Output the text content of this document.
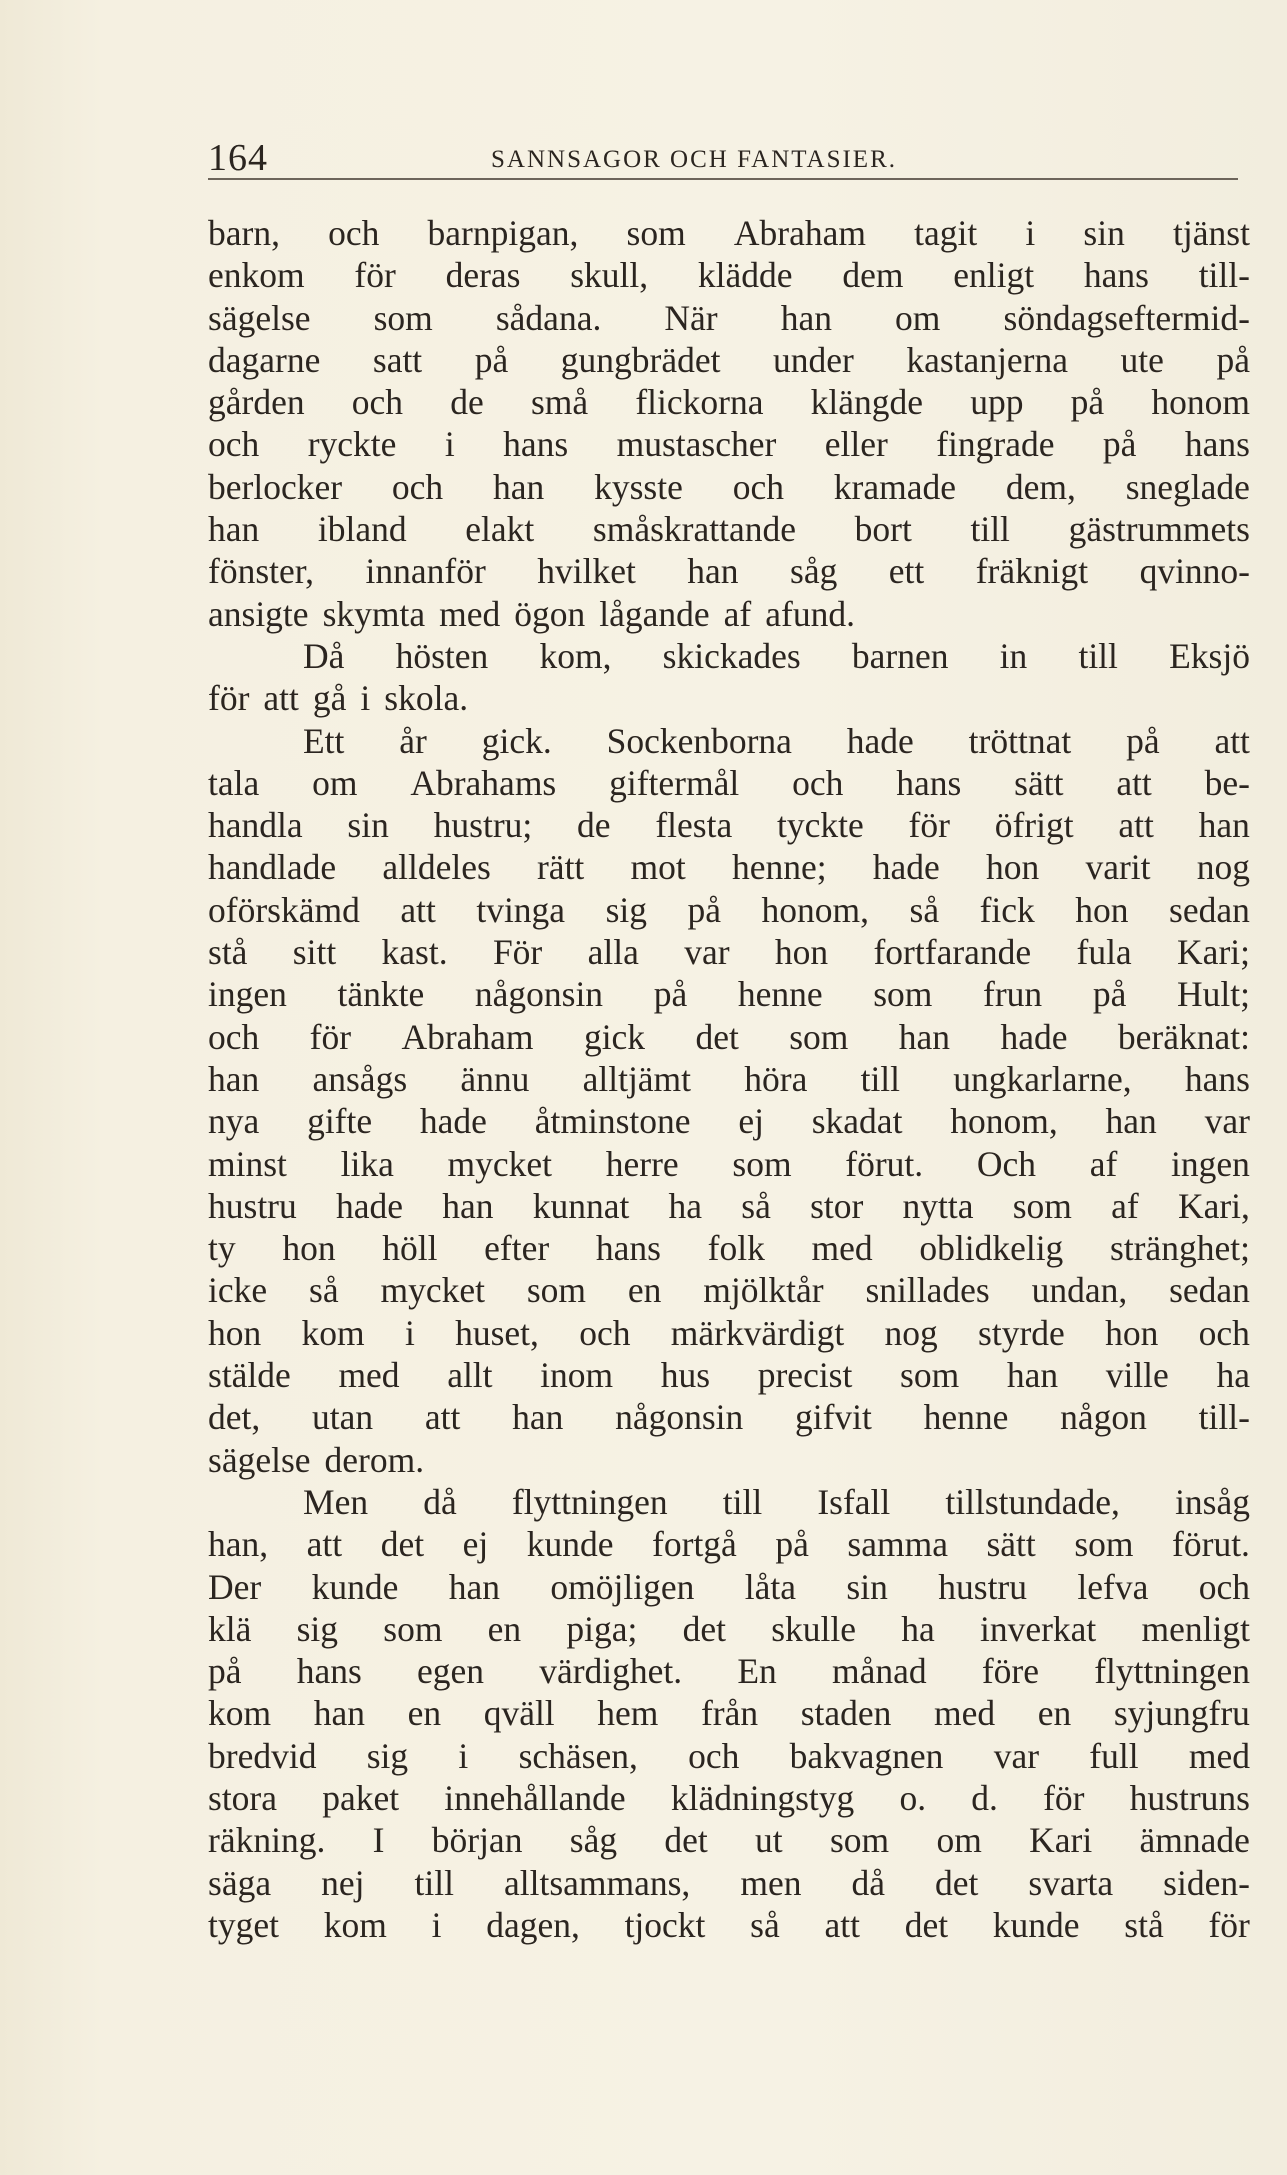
164	SANNSAGOR OCH FANTASIER.
barn, och barnpigan, som Abraham tagit i sin tjänst
enkom för deras skull, klädde dem enligt hans till-
sägelse som sådana. När han om söndagseftermid-
dagarne satt på gungbrädet under kastanjerna ute på
gården och de små flickorna klängde upp på honom
och ryckte i hans mustascher eller fingrade på hans
berlocker och han kysste och kramade dem, sneglade
han ibland elakt småskrattande bort till gästrummets
fönster, innanför hvilket han såg ett fräknigt qvinno-
ansigte skymta med ögon lågande af afund.
Då hösten kom, skickades barnen in till Eksjö
för att gå i skola.
Ett år gick. Sockenborna hade tröttnat på att
tala om Abrahams giftermål och hans sätt att be-
handla sin hustru; de flesta tyckte för öfrigt att han
handlade alldeles rätt mot henne; hade hon varit nog
oförskämd att tvinga sig på honom, så fick hon sedan
stå sitt kast. För alla var hon fortfarande fula Kari;
ingen tänkte någonsin på henne som frun på Hult;
och för Abraham gick det som han hade beräknat:
han ansågs ännu alltjämt höra till ungkarlarne, hans
nya gifte hade åtminstone ej skadat honom, han var
minst lika mycket herre som förut. Och af ingen
hustru hade han kunnat ha så stor nytta som af Kari,
ty hon höll efter hans folk med oblidkelig stränghet;
icke så mycket som en mjölktår snillades undan, sedan
hon kom i huset, och märkvärdigt nog styrde hon och
stälde med allt inom hus precist som han ville ha
det, utan att han någonsin gifvit henne någon till-
sägelse derom.
Men då flyttningen till Isfall tillstundade, insåg
han, att det ej kunde fortgå på samma sätt som förut.
Der kunde han omöjligen låta sin hustru lefva och
klä sig som en piga; det skulle ha inverkat menligt
på hans egen värdighet. En månad före flyttningen
kom han en qväll hem från staden med en syjungfru
bredvid sig i schäsen, och bakvagnen var full med
stora paket innehållande klädningstyg o. d. för hustruns
räkning. I början såg det ut som om Kari ämnade
säga nej till alltsammans, men då det svarta siden-
tyget kom i dagen, tjockt så att det kunde stå för
